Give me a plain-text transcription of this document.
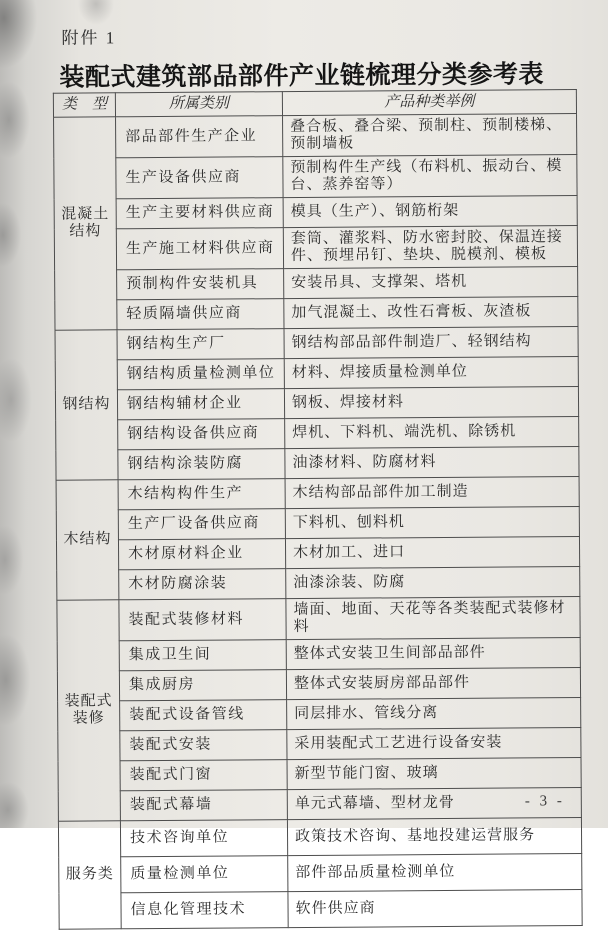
附件 1
装配式建筑部品部件产业链梳理分类参考表
类　型	所属类别	产品种类举例
混凝土结构	部品部件生产企业	叠合板、叠合梁、预制柱、预制楼梯、预制墙板
	生产设备供应商	预制构件生产线（布料机、振动台、模台、蒸养窑等）
	生产主要材料供应商	模具（生产）、钢筋桁架
	生产施工材料供应商	套筒、灌浆料、防水密封胶、保温连接件、预埋吊钉、垫块、脱模剂、模板
	预制构件安装机具	安装吊具、支撑架、塔机
	轻质隔墙供应商	加气混凝土、改性石膏板、灰渣板
钢结构	钢结构生产厂	钢结构部品部件制造厂、轻钢结构
	钢结构质量检测单位	材料、焊接质量检测单位
	钢结构辅材企业	钢板、焊接材料
	钢结构设备供应商	焊机、下料机、端洗机、除锈机
	钢结构涂装防腐	油漆材料、防腐材料
木结构	木结构构件生产	木结构部品部件加工制造
	生产厂设备供应商	下料机、刨料机
	木材原材料企业	木材加工、进口
	木材防腐涂装	油漆涂装、防腐
装配式装修	装配式装修材料	墙面、地面、天花等各类装配式装修材料
	集成卫生间	整体式安装卫生间部品部件
	集成厨房	整体式安装厨房部品部件
	装配式设备管线	同层排水、管线分离
	装配式安装	采用装配式工艺进行设备安装
	装配式门窗	新型节能门窗、玻璃
	装配式幕墙	单元式幕墙、型材龙骨
服务类	技术咨询单位	政策技术咨询、基地投建运营服务
	质量检测单位	部件部品质量检测单位
	信息化管理技术	软件供应商
- 3 -
